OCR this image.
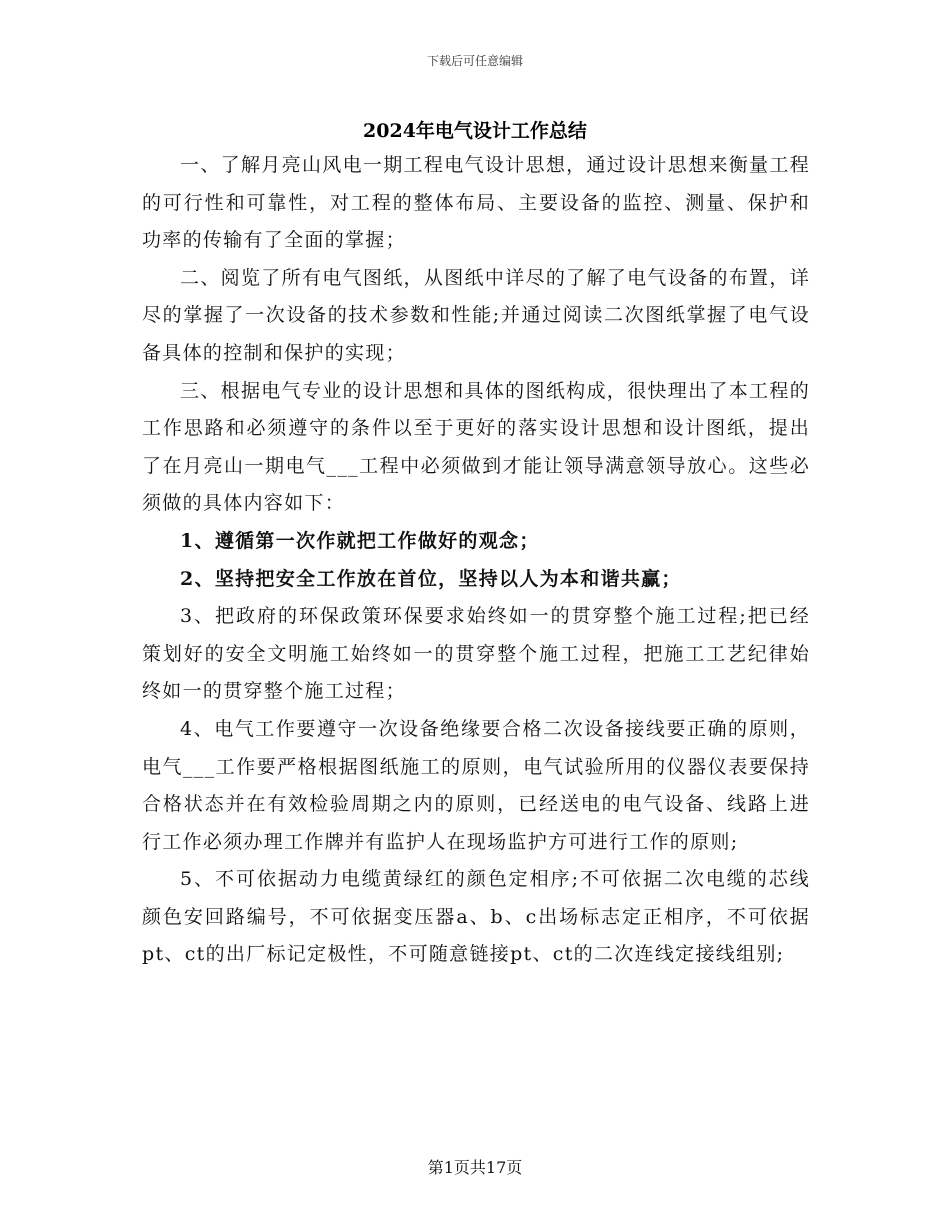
下载后可任意编辑
2024年电气设计工作总结

一、了解月亮山风电一期工程电气设计思想，通过设计思想来衡量工程的可行性和可靠性，对工程的整体布局、主要设备的监控、测量、保护和功率的传输有了全面的掌握；

二、阅览了所有电气图纸，从图纸中详尽的了解了电气设备的布置，详尽的掌握了一次设备的技术参数和性能;并通过阅读二次图纸掌握了电气设备具体的控制和保护的实现；

三、根据电气专业的设计思想和具体的图纸构成，很快理出了本工程的工作思路和必须遵守的条件以至于更好的落实设计思想和设计图纸，提出了在月亮山一期电气___工程中必须做到才能让领导满意领导放心。这些必须做的具体内容如下：

1、遵循第一次作就把工作做好的观念；

2、坚持把安全工作放在首位，坚持以人为本和谐共赢；

3、把政府的环保政策环保要求始终如一的贯穿整个施工过程;把已经策划好的安全文明施工始终如一的贯穿整个施工过程，把施工工艺纪律始终如一的贯穿整个施工过程；

4、电气工作要遵守一次设备绝缘要合格二次设备接线要正确的原则，电气___工作要严格根据图纸施工的原则，电气试验所用的仪器仪表要保持合格状态并在有效检验周期之内的原则，已经送电的电气设备、线路上进行工作必须办理工作牌并有监护人在现场监护方可进行工作的原则;

5、不可依据动力电缆黄绿红的颜色定相序;不可依据二次电缆的芯线颜色安回路编号，不可依据变压器a、b、c出场标志定正相序，不可依据pt、ct的出厂标记定极性，不可随意链接pt、ct的二次连线定接线组别;

第1页共17页
